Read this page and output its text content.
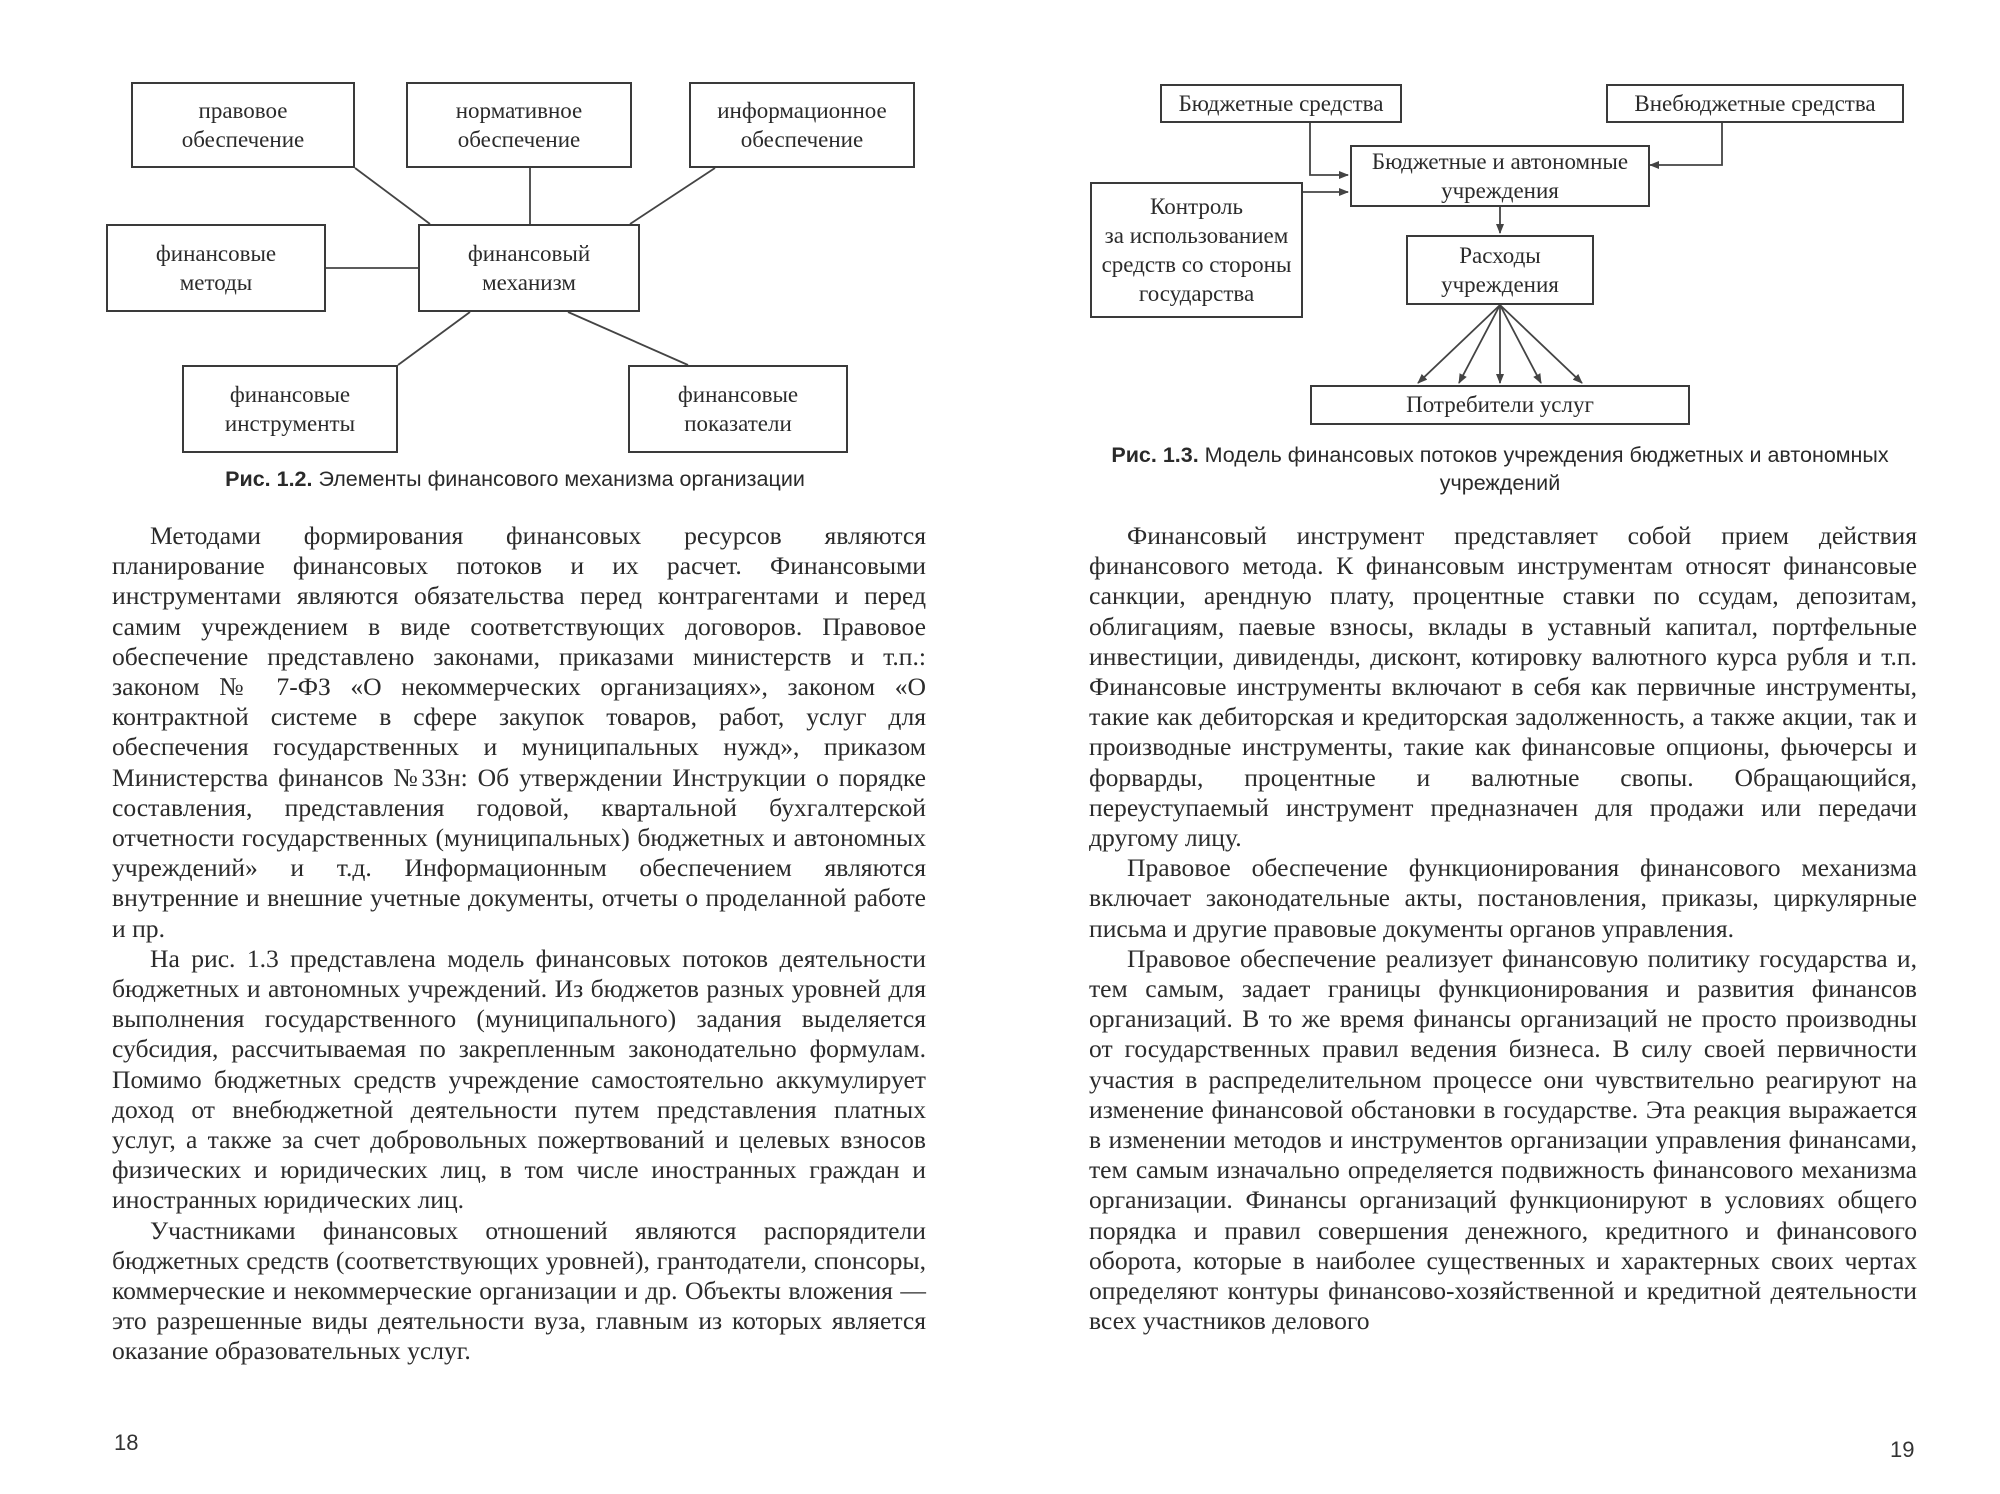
правовое
обеспечение
нормативное
обеспечение
информационное
обеспечение
финансовые
методы
финансовый
механизм
финансовые
инструменты
финансовые
показатели
Рис. 1.2. Элементы финансового механизма организации

Методами формирования финансовых ресурсов являются планирование финансовых потоков и их расчет. Финансовыми инструментами являются обязательства перед контрагентами и перед самим учреждением в виде соответствующих договоров. Правовое обеспечение представлено законами, приказами министерств и т.п.: законом № 7-ФЗ «О некоммерческих организациях», законом «О контрактной системе в сфере закупок товаров, работ, услуг для обеспечения государственных и муниципальных нужд», приказом Министерства финансов №33н: Об утверждении Инструкции о порядке составления, представления годовой, квартальной бухгалтерской отчетности государственных (муниципальных) бюджетных и автономных учреждений» и т.д. Информационным обеспечением являются внутренние и внешние учетные документы, отчеты о проделанной работе и пр.

На рис. 1.3 представлена модель финансовых потоков деятельности бюджетных и автономных учреждений. Из бюджетов разных уровней для выполнения государственного (муниципального) задания выделяется субсидия, рассчитываемая по закрепленным законодательно формулам. Помимо бюджетных средств учреждение самостоятельно аккумулирует доход от внебюджетной деятельности путем представления платных услуг, а также за счет добровольных пожертвований и целевых взносов физических и юридических лиц, в том числе иностранных граждан и иностранных юридических лиц.

Участниками финансовых отношений являются распорядители бюджетных средств (соответствующих уровней), грантодатели, спонсоры, коммерческие и некоммерческие организации и др. Объекты вложения — это разрешенные виды деятельности вуза, главным из которых является оказание образовательных услуг.

18
Бюджетные средства	Внебюджетные средства
Бюджетные и автономные
учреждения
Контроль
за использованием
средств со стороны
государства
Расходы
учреждения
Потребители услуг
Рис. 1.3. Модель финансовых потоков учреждения бюджетных и автономных учреждений

Финансовый инструмент представляет собой прием действия финансового метода. К финансовым инструментам относят финансовые санкции, арендную плату, процентные ставки по ссудам, депозитам, облигациям, паевые взносы, вклады в уставный капитал, портфельные инвестиции, дивиденды, дисконт, котировку валютного курса рубля и т.п. Финансовые инструменты включают в себя как первичные инструменты, такие как дебиторская и кредиторская задолженность, а также акции, так и производные инструменты, такие как финансовые опционы, фьючерсы и форварды, процентные и валютные свопы. Обращающийся, переуступаемый инструмент предназначен для продажи или передачи другому лицу.

Правовое обеспечение функционирования финансового механизма включает законодательные акты, постановления, приказы, циркулярные письма и другие правовые документы органов управления.

Правовое обеспечение реализует финансовую политику государства и, тем самым, задает границы функционирования и развития финансов организаций. В то же время финансы организаций не просто производны от государственных правил ведения бизнеса. В силу своей первичности участия в распределительном процессе они чувствительно реагируют на изменение финансовой обстановки в государстве. Эта реакция выражается в изменении методов и инструментов организации управления финансами, тем самым изначально определяется подвижность финансового механизма организации. Финансы организаций функционируют в условиях общего порядка и правил совершения денежного, кредитного и финансового оборота, которые в наиболее существенных и характерных своих чертах определяют контуры финансово-хозяйственной и кредитной деятельности всех участников делового

19
